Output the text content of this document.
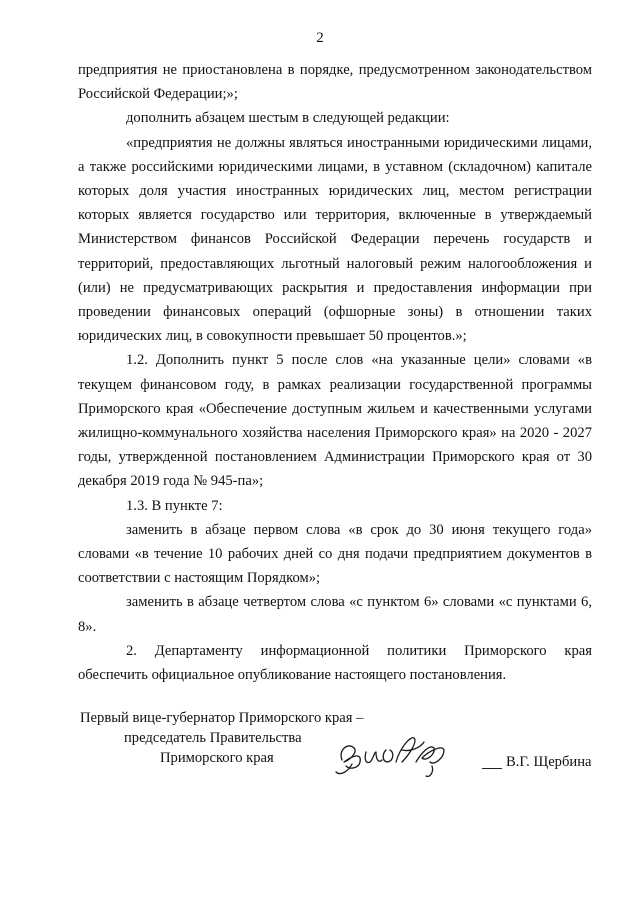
2

предприятия не приостановлена в порядке, предусмотренном законодательством Российской Федерации;»;

дополнить абзацем шестым в следующей редакции:

«предприятия не должны являться иностранными юридическими лицами, а также российскими юридическими лицами, в уставном (складочном) капитале которых доля участия иностранных юридических лиц, местом регистрации которых является государство или территория, включенные в утверждаемый Министерством финансов Российской Федерации перечень государств и территорий, предоставляющих льготный налоговый режим налогообложения и (или) не предусматривающих раскрытия и предоставления информации при проведении финансовых операций (офшорные зоны) в отношении таких юридических лиц, в совокупности превышает 50 процентов.»;

1.2. Дополнить пункт 5 после слов «на указанные цели» словами «в текущем финансовом году, в рамках реализации государственной программы Приморского края «Обеспечение доступным жильем и качественными услугами жилищно-коммунального хозяйства населения Приморского края» на 2020 - 2027 годы, утвержденной постановлением Администрации Приморского края от 30 декабря 2019 года № 945-па»;

1.3. В пункте 7:

заменить в абзаце первом слова «в срок до 30 июня текущего года» словами «в течение 10 рабочих дней со дня подачи предприятием документов в соответствии с настоящим Порядком»;

заменить в абзаце четвертом слова «с пунктом 6» словами «с пунктами 6, 8».

2. Департаменту информационной политики Приморского края обеспечить официальное опубликование настоящего постановления.

Первый вице-губернатор Приморского края –
председатель Правительства
Приморского края	В.Г. Щербина
